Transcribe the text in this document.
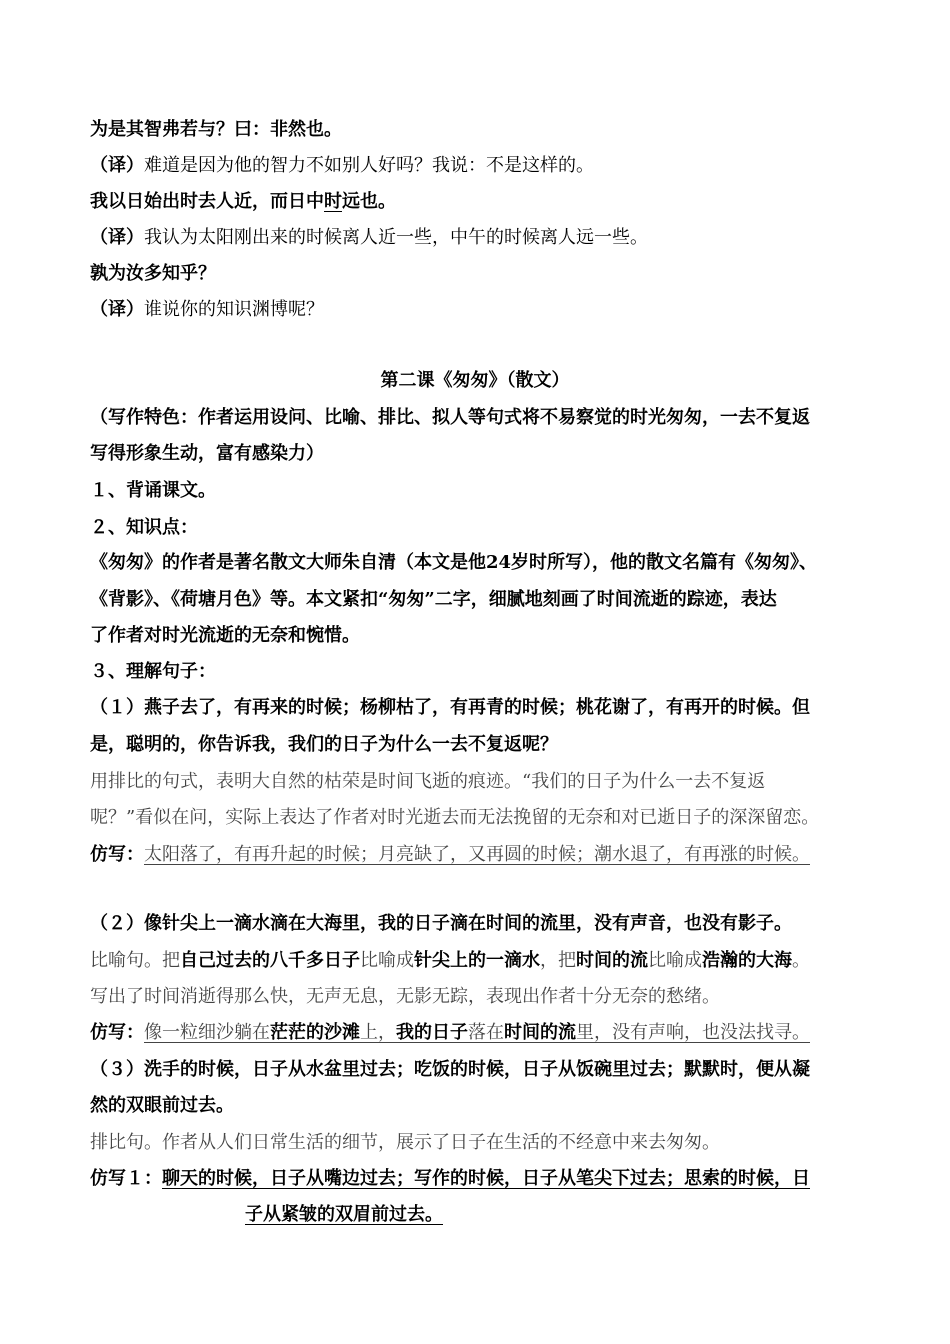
为是其智弗若与？曰：非然也。
（译）难道是因为他的智力不如别人好吗？我说：不是这样的。
我以日始出时去人近，而日中时远也。
（译）我认为太阳刚出来的时候离人近一些，中午的时候离人远一些。
孰为汝多知乎？
（译）谁说你的知识渊博呢？
第二课《匆匆》（散文）
（写作特色：作者运用设问、比喻、排比、拟人等句式将不易察觉的时光匆匆，一去不复返
写得形象生动，富有感染力）
１、背诵课文。
２、知识点：
《匆匆》的作者是著名散文大师朱自清（本文是他24岁时所写），他的散文名篇有《匆匆》、
《背影》、《荷塘月色》等。本文紧扣“匆匆”二字，细腻地刻画了时间流逝的踪迹，表达
了作者对时光流逝的无奈和惋惜。
３、理解句子：
（１）燕子去了，有再来的时候；杨柳枯了，有再青的时候；桃花谢了，有再开的时候。但
是，聪明的，你告诉我，我们的日子为什么一去不复返呢？
用排比的句式，表明大自然的枯荣是时间飞逝的痕迹。“我们的日子为什么一去不复返
呢？”看似在问，实际上表达了作者对时光逝去而无法挽留的无奈和对已逝日子的深深留恋。
仿写：太阳落了，有再升起的时候；月亮缺了，又再圆的时候；潮水退了，有再涨的时候。
（２）像针尖上一滴水滴在大海里，我的日子滴在时间的流里，没有声音，也没有影子。
比喻句。把自己过去的八千多日子比喻成针尖上的一滴水，把时间的流比喻成浩瀚的大海。
写出了时间消逝得那么快，无声无息，无影无踪，表现出作者十分无奈的愁绪。
仿写：像一粒细沙躺在茫茫的沙滩上，我的日子落在时间的流里，没有声响，也没法找寻。
（３）洗手的时候，日子从水盆里过去；吃饭的时候，日子从饭碗里过去；默默时，便从凝
然的双眼前过去。
排比句。作者从人们日常生活的细节，展示了日子在生活的不经意中来去匆匆。
仿写１：聊天的时候，日子从嘴边过去；写作的时候，日子从笔尖下过去；思索的时候，日
子从紧皱的双眉前过去。
